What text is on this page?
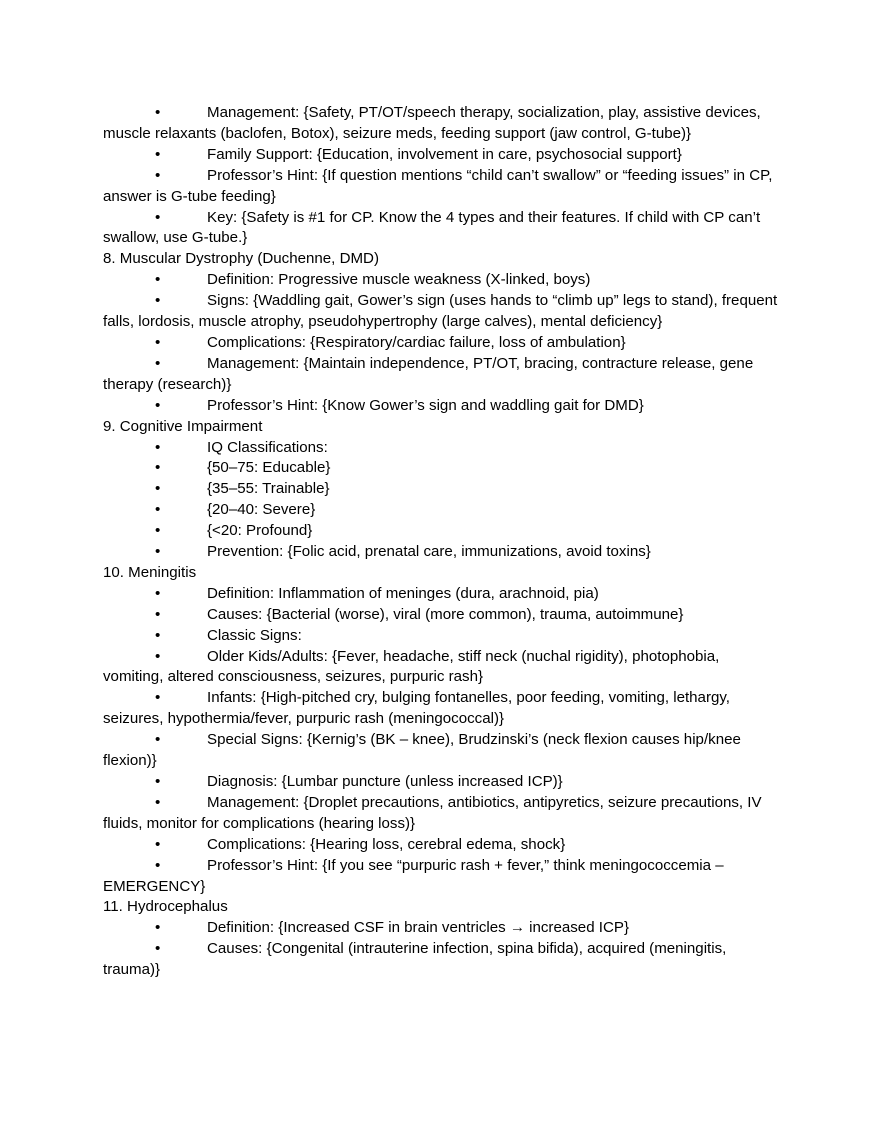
•	Management: {Safety, PT/OT/speech therapy, socialization, play, assistive devices, muscle relaxants (baclofen, Botox), seizure meds, feeding support (jaw control, G-tube)}

•	Family Support: {Education, involvement in care, psychosocial support}

•	Professor’s Hint: {If question mentions “child can’t swallow” or “feeding issues” in CP, answer is G-tube feeding}

•	Key: {Safety is #1 for CP. Know the 4 types and their features. If child with CP can’t swallow, use G-tube.}

8. Muscular Dystrophy (Duchenne, DMD)

•	Definition: Progressive muscle weakness (X-linked, boys)

•	Signs: {Waddling gait, Gower’s sign (uses hands to “climb up” legs to stand), frequent falls, lordosis, muscle atrophy, pseudohypertrophy (large calves), mental deficiency}

•	Complications: {Respiratory/cardiac failure, loss of ambulation}

•	Management: {Maintain independence, PT/OT, bracing, contracture release, gene therapy (research)}

•	Professor’s Hint: {Know Gower’s sign and waddling gait for DMD}

9. Cognitive Impairment

•	IQ Classifications:

•	{50–75: Educable}

•	{35–55: Trainable}

•	{20–40: Severe}

•	{<20: Profound}

•	Prevention: {Folic acid, prenatal care, immunizations, avoid toxins}

10. Meningitis

•	Definition: Inflammation of meninges (dura, arachnoid, pia)

•	Causes: {Bacterial (worse), viral (more common), trauma, autoimmune}

•	Classic Signs:

•	Older Kids/Adults: {Fever, headache, stiff neck (nuchal rigidity), photophobia, vomiting, altered consciousness, seizures, purpuric rash}

•	Infants: {High-pitched cry, bulging fontanelles, poor feeding, vomiting, lethargy, seizures, hypothermia/fever, purpuric rash (meningococcal)}

•	Special Signs: {Kernig’s (BK – knee), Brudzinski’s (neck flexion causes hip/knee flexion)}

•	Diagnosis: {Lumbar puncture (unless increased ICP)}

•	Management: {Droplet precautions, antibiotics, antipyretics, seizure precautions, IV fluids, monitor for complications (hearing loss)}

•	Complications: {Hearing loss, cerebral edema, shock}

•	Professor’s Hint: {If you see “purpuric rash + fever,” think meningococcemia – EMERGENCY}

11. Hydrocephalus

•	Definition: {Increased CSF in brain ventricles → increased ICP}

•	Causes: {Congenital (intrauterine infection, spina bifida), acquired (meningitis, trauma)}
